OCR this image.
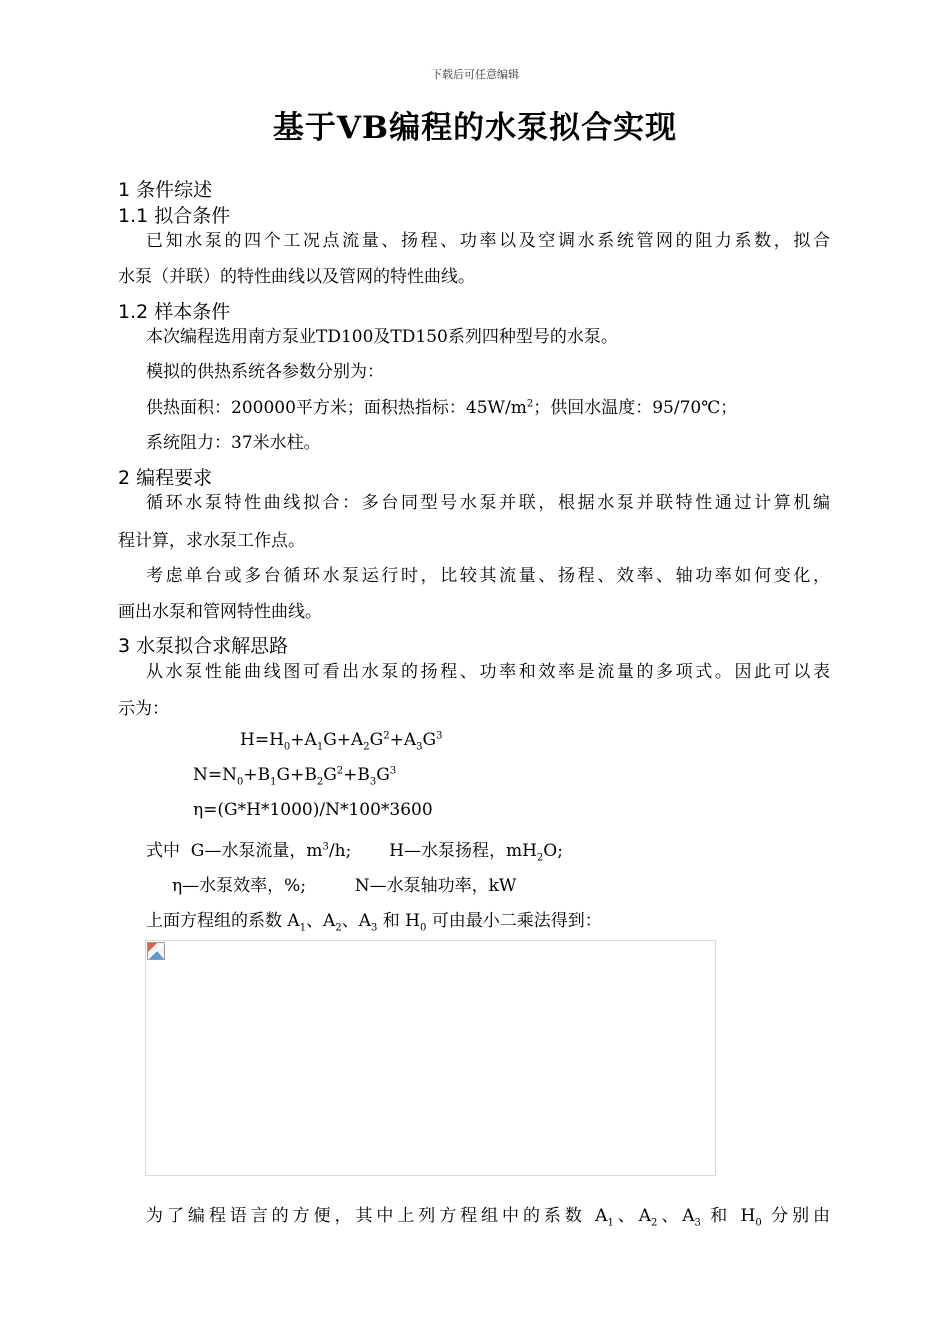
下载后可任意编辑
基于VB编程的水泵拟合实现
1 条件综述
1.1 拟合条件
已知水泵的四个工况点流量、扬程、功率以及空调水系统管网的阻力系数，拟合
水泵（并联）的特性曲线以及管网的特性曲线。
1.2 样本条件
本次编程选用南方泵业TD100及TD150系列四种型号的水泵。
模拟的供热系统各参数分别为：
供热面积：200000平方米；面积热指标：$45W/m^2$；供回水温度：95/70℃；
系统阻力：37米水柱。
2 编程要求
循环水泵特性曲线拟合：多台同型号水泵并联，根据水泵并联特性通过计算机编
程计算，求水泵工作点。
考虑单台或多台循环水泵运行时，比较其流量、扬程、效率、轴功率如何变化，
画出水泵和管网特性曲线。
3 水泵拟合求解思路
从水泵性能曲线图可看出水泵的扬程、功率和效率是流量的多项式。因此可以表
示为：
$H=H_0+A_1G+A_2G^2+A_3G^3$
$N=N_0+B_1G+B_2G^2+B_3G^3$
η=(G*H*1000)/N*100*3600
式中  G—水泵流量，$m^3/h$;       H—水泵扬程，$mH_2O$;
η—水泵效率，%;         N—水泵轴功率，kW
上面方程组的系数 $A_1$、$A_2$、$A_3$ 和 $H_0$ 可由最小二乘法得到：
为了编程语言的方便，其中上列方程组中的系数 $A_1$、$A_2$、$A_3$ 和 $H_0$ 分别由
